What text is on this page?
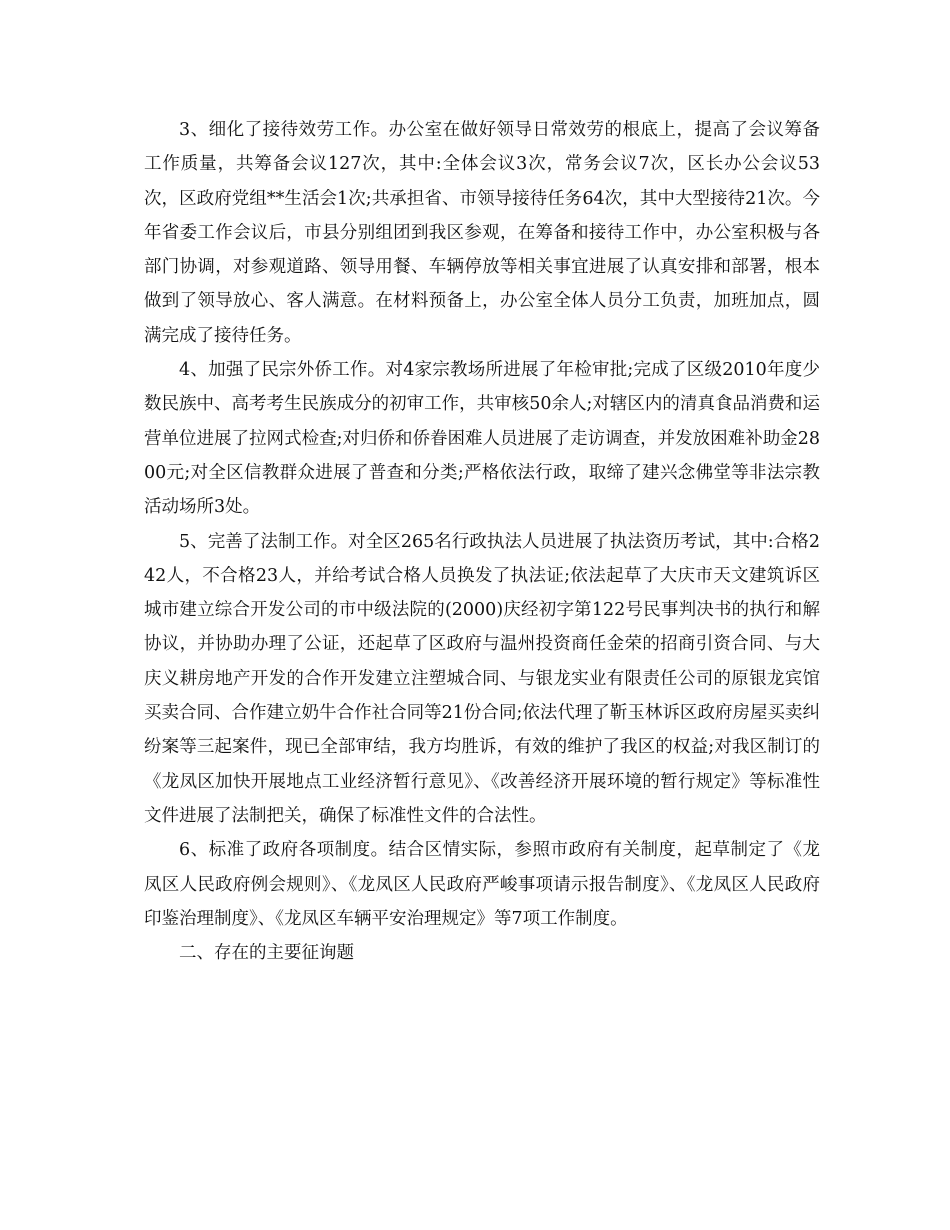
3、细化了接待效劳工作。办公室在做好领导日常效劳的根底上，提高了会议筹备工作质量，共筹备会议127次，其中:全体会议3次，常务会议7次，区长办公会议53次，区政府党组**生活会1次;共承担省、市领导接待任务64次，其中大型接待21次。今年省委工作会议后，市县分别组团到我区参观，在筹备和接待工作中，办公室积极与各部门协调，对参观道路、领导用餐、车辆停放等相关事宜进展了认真安排和部署，根本做到了领导放心、客人满意。在材料预备上，办公室全体人员分工负责，加班加点，圆满完成了接待任务。

4、加强了民宗外侨工作。对4家宗教场所进展了年检审批;完成了区级2010年度少数民族中、高考考生民族成分的初审工作，共审核50余人;对辖区内的清真食品消费和运营单位进展了拉网式检查;对归侨和侨眷困难人员进展了走访调查，并发放困难补助金2800元;对全区信教群众进展了普查和分类;严格依法行政，取缔了建兴念佛堂等非法宗教活动场所3处。

5、完善了法制工作。对全区265名行政执法人员进展了执法资历考试，其中:合格242人，不合格23人，并给考试合格人员换发了执法证;依法起草了大庆市天文建筑诉区城市建立综合开发公司的市中级法院的(2000)庆经初字第122号民事判决书的执行和解协议，并协助办理了公证，还起草了区政府与温州投资商任金荣的招商引资合同、与大庆义耕房地产开发的合作开发建立注塑城合同、与银龙实业有限责任公司的原银龙宾馆买卖合同、合作建立奶牛合作社合同等21份合同;依法代理了靳玉林诉区政府房屋买卖纠纷案等三起案件，现已全部审结，我方均胜诉，有效的维护了我区的权益;对我区制订的《龙凤区加快开展地点工业经济暂行意见》、《改善经济开展环境的暂行规定》等标准性文件进展了法制把关，确保了标准性文件的合法性。

6、标准了政府各项制度。结合区情实际，参照市政府有关制度，起草制定了《龙凤区人民政府例会规则》、《龙凤区人民政府严峻事项请示报告制度》、《龙凤区人民政府印鉴治理制度》、《龙凤区车辆平安治理规定》等7项工作制度。

二、存在的主要征询题
